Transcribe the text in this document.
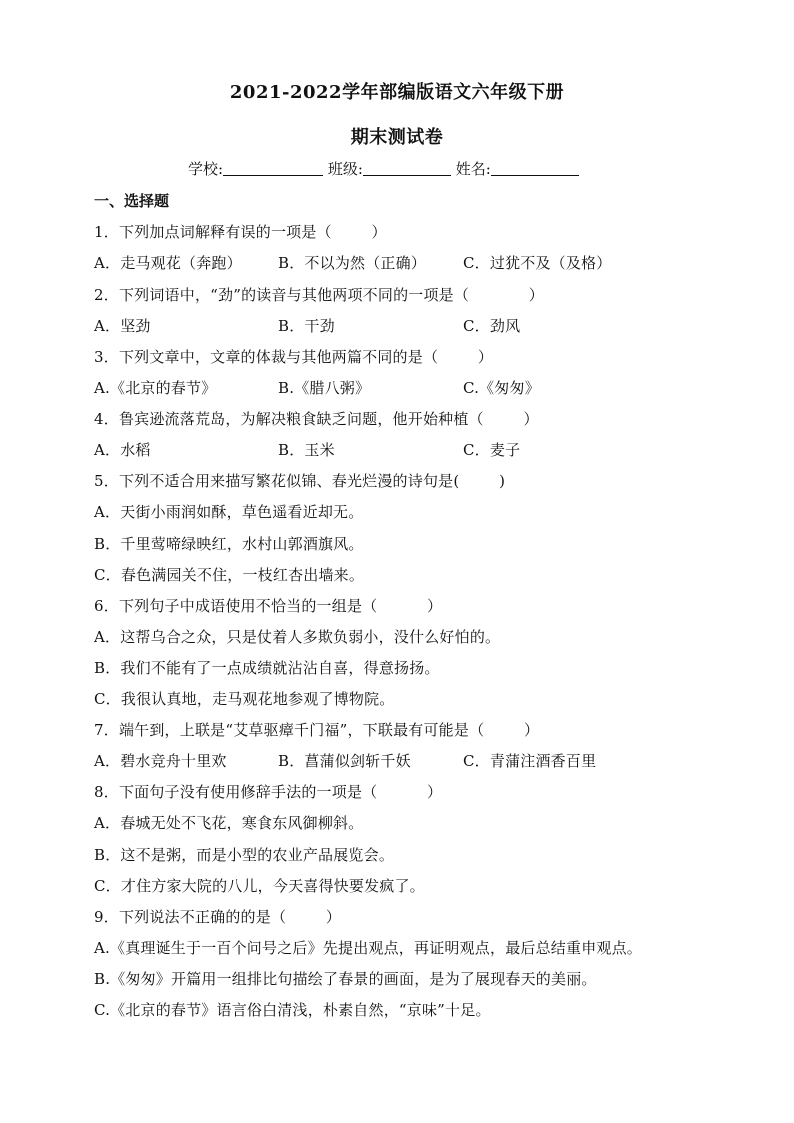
2021-2022学年部编版语文六年级下册
期末测试卷
学校:	班级:	姓名:
一、选择题
1．下列加点词解释有误的一项是（        ）
A．走马观花（奔跑） B．不以为然（正确） C．过犹不及（及格）
2．下列词语中，“劲”的读音与其他两项不同的一项是（            ）
A．坚劲	B．干劲	C．劲风
3．下列文章中，文章的体裁与其他两篇不同的是（        ）
A.《北京的春节》	B.《腊八粥》	C.《匆匆》
4．鲁宾逊流落荒岛，为解决粮食缺乏问题，他开始种植（        ）
A．水稻	B．玉米	C．麦子
5．下列不适合用来描写繁花似锦、春光烂漫的诗句是(        )
A．天街小雨润如酥，草色遥看近却无。
B．千里莺啼绿映红，水村山郭酒旗风。
C．春色满园关不住，一枝红杏出墙来。
6．下列句子中成语使用不恰当的一组是（          ）
A．这帮乌合之众，只是仗着人多欺负弱小，没什么好怕的。
B．我们不能有了一点成绩就沾沾自喜，得意扬扬。
C．我很认真地，走马观花地参观了博物院。
7．端午到，上联是“艾草驱瘴千门福”，下联最有可能是（        ）
A．碧水竞舟十里欢	B．菖蒲似剑斩千妖	C．青蒲注酒香百里
8．下面句子没有使用修辞手法的一项是（          ）
A．春城无处不飞花，寒食东风御柳斜。
B．这不是粥，而是小型的农业产品展览会。
C．才住方家大院的八儿，今天喜得快要发疯了。
9．下列说法不正确的的是（        ）
A.《真理诞生于一百个问号之后》先提出观点，再证明观点，最后总结重申观点。
B.《匆匆》开篇用一组排比句描绘了春景的画面，是为了展现春天的美丽。
C.《北京的春节》语言俗白清浅，朴素自然，“京味”十足。
